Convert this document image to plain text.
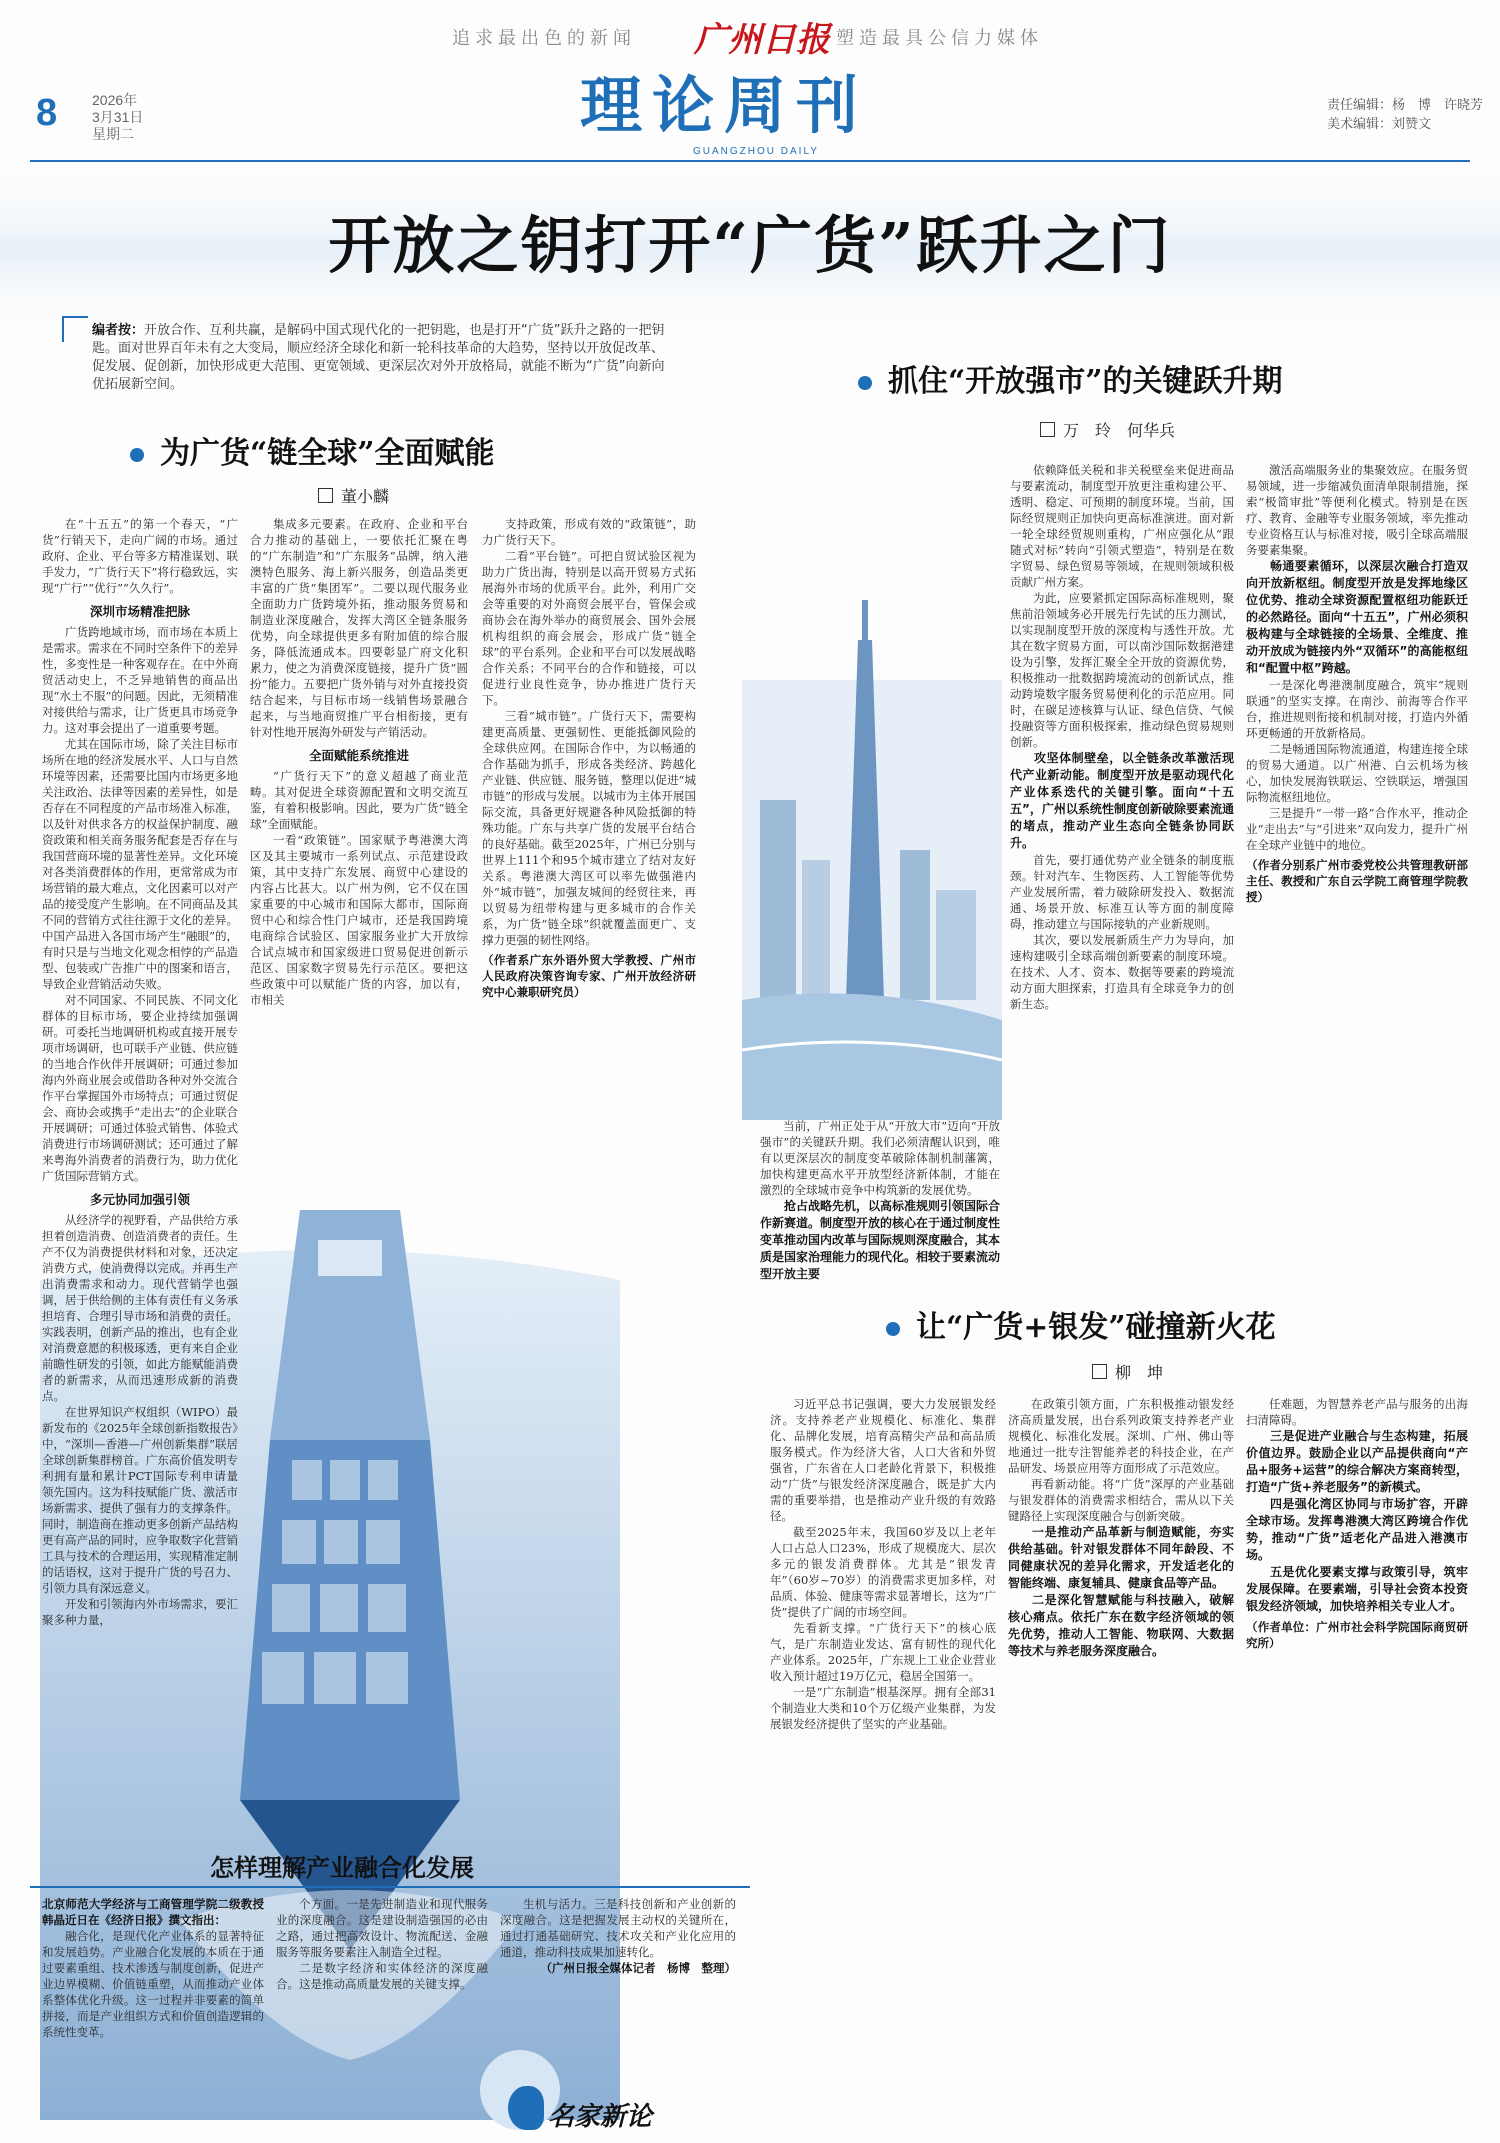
8 2026年
3月31日
星期二
追求最出色的新闻	塑造最具公信力媒体
广州日报
理论周刊
GUANGZHOU DAILY
责任编辑：杨　博　许晓芳
美术编辑：刘赞文
开放之钥打开“广货”跃升之门
编者按：开放合作、互利共赢，是解码中国式现代化的一把钥匙，也是打开“广货”跃升之路的一把钥匙。面对世界百年未有之大变局，顺应经济全球化和新一轮科技革命的大趋势，坚持以开放促改革、促发展、促创新，加快形成更大范围、更宽领域、更深层次对外开放格局，就能不断为“广货”向新向优拓展新空间。
为广货“链全球”全面赋能
董小麟

在“十五五”的第一个春天，“广货”行销天下，走向广阔的市场。通过政府、企业、平台等多方精准谋划、联手发力，“广货行天下”将行稳致远，实现“广行”“优行”“久久行”。

深圳市场精准把脉

广货跨地域市场，而市场在本质上是需求。需求在不同时空条件下的差异性，多变性是一种客观存在。在中外商贸活动史上，不乏异地销售的商品出现“水土不服”的问题。因此，无须精准对接供给与需求，让广货更具市场竞争力。这对事会提出了一道重要考题。

尤其在国际市场，除了关注目标市场所在地的经济发展水平、人口与自然环境等因素，还需要比国内市场更多地关注政治、法律等因素的差异性，如是否存在不同程度的产品市场准入标准，以及针对供求各方的权益保护制度、融资政策和相关商务服务配套是否存在与我国营商环境的显著性差异。文化环境对各类消费群体的作用，更常常成为市场营销的最大难点，文化因素可以对产品的接受度产生影响。在不同商品及其不同的营销方式往往源于文化的差异。中国产品进入各国市场产生“融眼”的，有时只是与当地文化观念相悖的产品造型、包装或广告推广中的图案和语言，导致企业营销活动失败。

对不同国家、不同民族、不同文化群体的目标市场，要企业持续加强调研。可委托当地调研机构或直接开展专项市场调研，也可联手产业链、供应链的当地合作伙伴开展调研；可通过参加海内外商业展会或借助各种对外交流合作平台掌握国外市场特点；可通过贸促会、商协会或携手“走出去”的企业联合开展调研；可通过体验式销售、体验式消费进行市场调研测试；还可通过了解来粤海外消费者的消费行为，助力优化广货国际营销方式。

多元协同加强引领

从经济学的视野看，产品供给方承担着创造消费、创造消费者的责任。生产不仅为消费提供材料和对象，还决定消费方式，使消费得以完成。并再生产出消费需求和动力。现代营销学也强调，居于供给侧的主体有责任有义务承担培育、合理引导市场和消费的责任。实践表明，创新产品的推出，也有企业对消费意愿的积极琢透，更有来自企业前瞻性研发的引领，如此方能赋能消费者的新需求，从而迅速形成新的消费点。

在世界知识产权组织（WIPO）最新发布的《2025年全球创新指数报告》中，“深圳—香港—广州创新集群”联居全球创新集群榜首。广东高价值发明专利拥有量和累计PCT国际专利申请量领先国内。这为科技赋能广货、激活市场新需求、提供了强有力的支撑条件。同时，制造商在推动更多创新产品结构更有高产品的同时，应争取数字化营销工具与技术的合理运用，实现精准定制的话语权，这对于提升广货的号召力、引领力具有深远意义。

开发和引领海内外市场需求，要汇聚多种力量，

集成多元要素。在政府、企业和平台合力推动的基础上，一要依托汇聚在粤的“广东制造”和“广东服务”品牌，纳入港澳特色服务、海上新兴服务，创造品类更丰富的广货“集团军”。二要以现代服务业全面助力广货跨境外拓，推动服务贸易和制造业深度融合，发挥大湾区全链条服务优势，向全球提供更多有附加值的综合服务，降低流通成本。四要彰显广府文化积累力，使之为消费深度链接，提升广货“圆扮”能力。五要把广货外销与对外直接投资结合起来，与目标市场一线销售场景融合起来，与当地商贸推广平台相衔接，更有针对性地开展海外研发与产销活动。

全面赋能系统推进

“广货行天下”的意义超越了商业范畴。其对促进全球资源配置和文明交流互鉴，有着积极影响。因此，要为广货“链全球”全面赋能。

一看“政策链”。国家赋予粤港澳大湾区及其主要城市一系列试点、示范建设政策，其中支持广东发展、商贸中心建设的内容占比甚大。以广州为例，它不仅在国家重要的中心城市和国际大都市，国际商贸中心和综合性门户城市，还是我国跨境电商综合试验区、国家服务业扩大开放综合试点城市和国家级进口贸易促进创新示范区、国家数字贸易先行示范区。要把这些政策中可以赋能广货的内容，加以有，市相关

支持政策，形成有效的“政策链”，助力广货行天下。

二看“平台链”。可把自贸试验区视为助力广货出海，特别是以高开贸易方式拓展海外市场的优质平台。此外，利用广交会等重要的对外商贸会展平台，管保会或商协会在海外举办的商贸展会、国外会展机构组织的商会展会，形成广货“链全球”的平台系列。企业和平台可以发展战略合作关系；不同平台的合作和链接，可以促进行业良性竞争，协办推进广货行天下。

三看“城市链”。广货行天下，需要构建更高质量、更强韧性、更能抵御风险的全球供应网。在国际合作中，为以畅通的合作基础为抓手，形成各类经济、跨越化产业链、供应链、服务链，整理以促进“城市链”的形成与发展。以城市为主体开展国际交流，具备更好规避各种风险抵御的特殊功能。广东与共享广货的发展平台结合的良好基础。截至2025年，广州已分别与世界上111个和95个城市建立了结对友好关系。粤港澳大湾区可以率先做强港内外“城市链”，加强友城间的经贸往来，再以贸易为纽带构建与更多城市的合作关系，为广货“链全球”织就覆盖面更广、支撑力更强的韧性网络。

（作者系广东外语外贸大学教授、广州市人民政府决策咨询专家、广州开放经济研究中心兼职研究员）
抓住“开放强市”的关键跃升期
万　玲　何华兵

当前，广州正处于从“开放大市”迈向“开放强市”的关键跃升期。我们必须清醒认识到，唯有以更深层次的制度变革破除体制机制藩篱，加快构建更高水平开放型经济新体制，才能在激烈的全球城市竞争中构筑新的发展优势。

抢占战略先机，以高标准规则引领国际合作新赛道。制度型开放的核心在于通过制度性变革推动国内改革与国际规则深度融合，其本质是国家治理能力的现代化。相较于要素流动型开放主要

依赖降低关税和非关税壁垒来促进商品与要素流动，制度型开放更注重构建公平、透明、稳定、可预期的制度环境。当前，国际经贸规则正加快向更高标准演进。面对新一轮全球经贸规则重构，广州应强化从“跟随式对标”转向“引领式塑造”，特别是在数字贸易、绿色贸易等领域，在规则领域积极贡献广州方案。

为此，应要紧抓定国际高标准规则，聚焦前沿领域务必开展先行先试的压力测试，以实现制度型开放的深度构与透性开放。尤其在数字贸易方面，可以南沙国际数据港建设为引擎，发挥汇聚全全开放的资源优势，积极推动一批数据跨境流动的创新试点，推动跨境数字服务贸易便利化的示范应用。同时，在碳足迹核算与认证、绿色信贷、气候投融资等方面积极探索，推动绿色贸易规则创新。

攻坚体制壁垒，以全链条改革激活现代产业新动能。制度型开放是驱动现代化产业体系迭代的关键引擎。面向“十五五”，广州以系统性制度创新破除要素流通的堵点，推动产业生态向全链条协同跃升。

首先，要打通优势产业全链条的制度瓶颈。针对汽车、生物医药、人工智能等优势产业发展所需，着力破除研发投入、数据流通、场景开放、标准互认等方面的制度障碍，推动建立与国际接轨的产业新规则。

其次，要以发展新质生产力为导向，加速构建吸引全球高端创新要素的制度环境。在技术、人才、资本、数据等要素的跨境流动方面大胆探索，打造具有全球竞争力的创新生态。

激活高端服务业的集聚效应。在服务贸易领域，进一步缩减负面清单限制措施，探索“极简审批”等便利化模式。特别是在医疗、教育、金融等专业服务领域，率先推动专业资格互认与标准对接，吸引全球高端服务要素集聚。

畅通要素循环，以深层次融合打造双向开放新枢纽。制度型开放是发挥地缘区位优势、推动全球资源配置枢纽功能跃迁的必然路径。面向“十五五”，广州必须积极构建与全球链接的全场景、全维度、推动开放成为链接内外“双循环”的高能枢纽和“配置中枢”跨越。

一是深化粤港澳制度融合，筑牢“规则联通”的坚实支撑。在南沙、前海等合作平台，推进规则衔接和机制对接，打造内外循环更畅通的开放新格局。

二是畅通国际物流通道，构建连接全球的贸易大通道。以广州港、白云机场为核心，加快发展海铁联运、空铁联运，增强国际物流枢纽地位。

三是提升“一带一路”合作水平，推动企业“走出去”与“引进来”双向发力，提升广州在全球产业链中的地位。

（作者分别系广州市委党校公共管理教研部主任、教授和广东自云学院工商管理学院教授）
让“广货+银发”碰撞新火花
柳　坤

习近平总书记强调，要大力发展银发经济。支持养老产业规模化、标准化、集群化、品牌化发展，培育高精尖产品和高品质服务模式。作为经济大省，人口大省和外贸强省，广东省在人口老龄化背景下，积极推动“广货”与银发经济深度融合，既是扩大内需的重要举措，也是推动产业升级的有效路径。

截至2025年末，我国60岁及以上老年人口占总人口23%，形成了规模庞大、层次多元的银发消费群体。尤其是“银发青年”（60岁~70岁）的消费需求更加多样，对品质、体验、健康等需求显著增长，这为“广货”提供了广阔的市场空间。

先看新支撑。“广货行天下”的核心底气，是广东制造业发达、富有韧性的现代化产业体系。2025年，广东规上工业企业营业收入预计超过19万亿元，稳居全国第一。

一是“广东制造”根基深厚。拥有全部31个制造业大类和10个万亿级产业集群，为发展银发经济提供了坚实的产业基础。

在政策引领方面，广东积极推动银发经济高质量发展，出台系列政策支持养老产业规模化、标准化发展。深圳、广州、佛山等地通过一批专注智能养老的科技企业，在产品研发、场景应用等方面形成了示范效应。

再看新动能。将“广货”深厚的产业基础与银发群体的消费需求相结合，需从以下关键路径上实现深度融合与创新突破。

一是推动产品革新与制造赋能，夯实供给基础。针对银发群体不同年龄段、不同健康状况的差异化需求，开发适老化的智能终端、康复辅具、健康食品等产品。

二是深化智慧赋能与科技融入，破解核心痛点。依托广东在数字经济领域的领先优势，推动人工智能、物联网、大数据等技术与养老服务深度融合。

任难题，为智慧养老产品与服务的出海扫清障碍。

三是促进产业融合与生态构建，拓展价值边界。鼓励企业以产品提供商向“产品+服务+运营”的综合解决方案商转型，打造“广货+养老服务”的新模式。

四是强化湾区协同与市场扩容，开辟全球市场。发挥粤港澳大湾区跨境合作优势，推动“广货”适老化产品进入港澳市场。

五是优化要素支撑与政策引导，筑牢发展保障。在要素端，引导社会资本投资银发经济领域，加快培养相关专业人才。

（作者单位：广州市社会科学院国际商贸研究所）
怎样理解产业融合化发展
北京师范大学经济与工商管理学院二级教授韩晶近日在《经济日报》撰文指出：

融合化，是现代化产业体系的显著特征和发展趋势。产业融合化发展的本质在于通过要素重组、技术渗透与制度创新，促进产业边界模糊、价值链重塑，从而推动产业体系整体优化升级。这一过程并非要素的简单拼接，而是产业组织方式和价值创造逻辑的系统性变革。

个方面。一是先进制造业和现代服务业的深度融合。这是建设制造强国的必由之路，通过把高效设计、物流配送、金融服务等服务要素注入制造全过程。

二是数字经济和实体经济的深度融合。这是推动高质量发展的关键支撑。

生机与活力。三是科技创新和产业创新的深度融合。这是把握发展主动权的关键所在，通过打通基础研究、技术攻关和产业化应用的通道，推动科技成果加速转化。

（广州日报全媒体记者　杨博　整理）
名家新论
